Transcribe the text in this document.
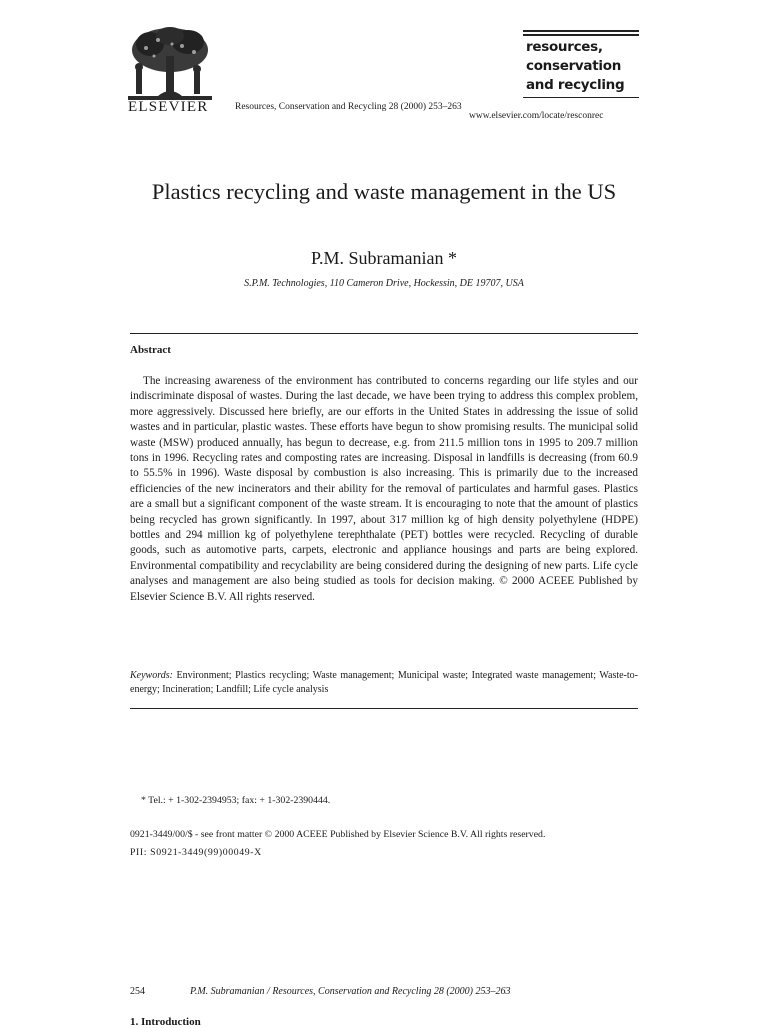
ELSEVIER	Resources, Conservation and Recycling 28 (2000) 253–263
www.elsevier.com/locate/resconrec
resources,
conservation
and recycling
Plastics recycling and waste management in the US
P.M. Subramanian *
S.P.M. Technologies, 110 Cameron Drive, Hockessin, DE 19707, USA
Abstract
The increasing awareness of the environment has contributed to concerns regarding our life styles and our indiscriminate disposal of wastes. During the last decade, we have been trying to address this complex problem, more aggressively. Discussed here briefly, are our efforts in the United States in addressing the issue of solid wastes and in particular, plastic wastes. These efforts have begun to show promising results. The municipal solid waste (MSW) produced annually, has begun to decrease, e.g. from 211.5 million tons in 1995 to 209.7 million tons in 1996. Recycling rates and composting rates are increasing. Disposal in landfills is decreasing (from 60.9 to 55.5% in 1996). Waste disposal by combustion is also increasing. This is primarily due to the increased efficiencies of the new incinerators and their ability for the removal of particulates and harmful gases. Plastics are a small but a significant component of the waste stream. It is encouraging to note that the amount of plastics being recycled has grown significantly. In 1997, about 317 million kg of high density polyethylene (HDPE) bottles and 294 million kg of polyethylene terephthalate (PET) bottles were recycled. Recycling of durable goods, such as automotive parts, carpets, electronic and appliance housings and parts are being explored. Environmental compatibility and recyclability are being considered during the designing of new parts. Life cycle analyses and management are also being studied as tools for decision making. © 2000 ACEEE Published by Elsevier Science B.V. All rights reserved.
Keywords: Environment; Plastics recycling; Waste management; Municipal waste; Integrated waste management; Waste-to-energy; Incineration; Landfill; Life cycle analysis
* Tel.: + 1-302-2394953; fax: + 1-302-2390444.
0921-3449/00/$ - see front matter © 2000 ACEEE Published by Elsevier Science B.V. All rights reserved.
PII: S0921-3449(99)00049-X
254	P.M. Subramanian / Resources, Conservation and Recycling 28 (2000) 253–263
1. Introduction
